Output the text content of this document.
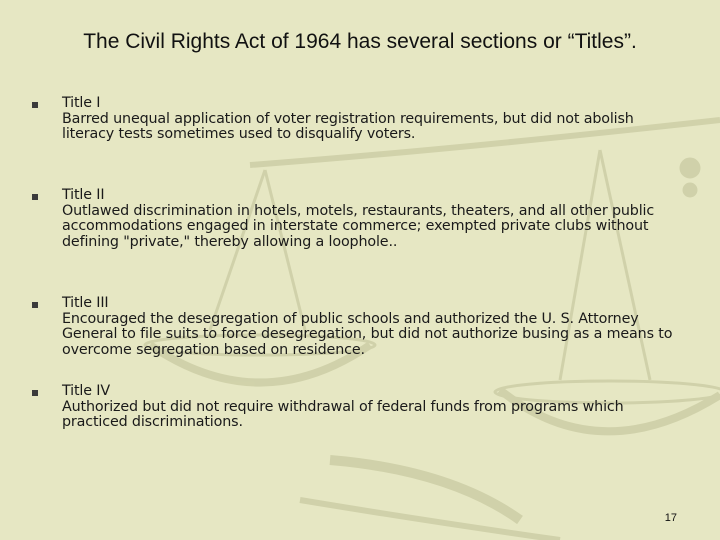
The Civil Rights Act of 1964 has several sections or “Titles”.
Title I
Barred unequal application of voter registration requirements, but did not abolish literacy tests sometimes used to disqualify voters.
Title II
Outlawed discrimination in hotels, motels, restaurants, theaters, and all other public accommodations engaged in interstate commerce; exempted private clubs without defining "private," thereby allowing a loophole..
Title III
Encouraged the desegregation of public schools and authorized the U. S. Attorney General to file suits to force desegregation, but did not authorize busing as a means to overcome segregation based on residence.
Title IV
Authorized but did not require withdrawal of federal funds from programs which practiced discriminations.
17
